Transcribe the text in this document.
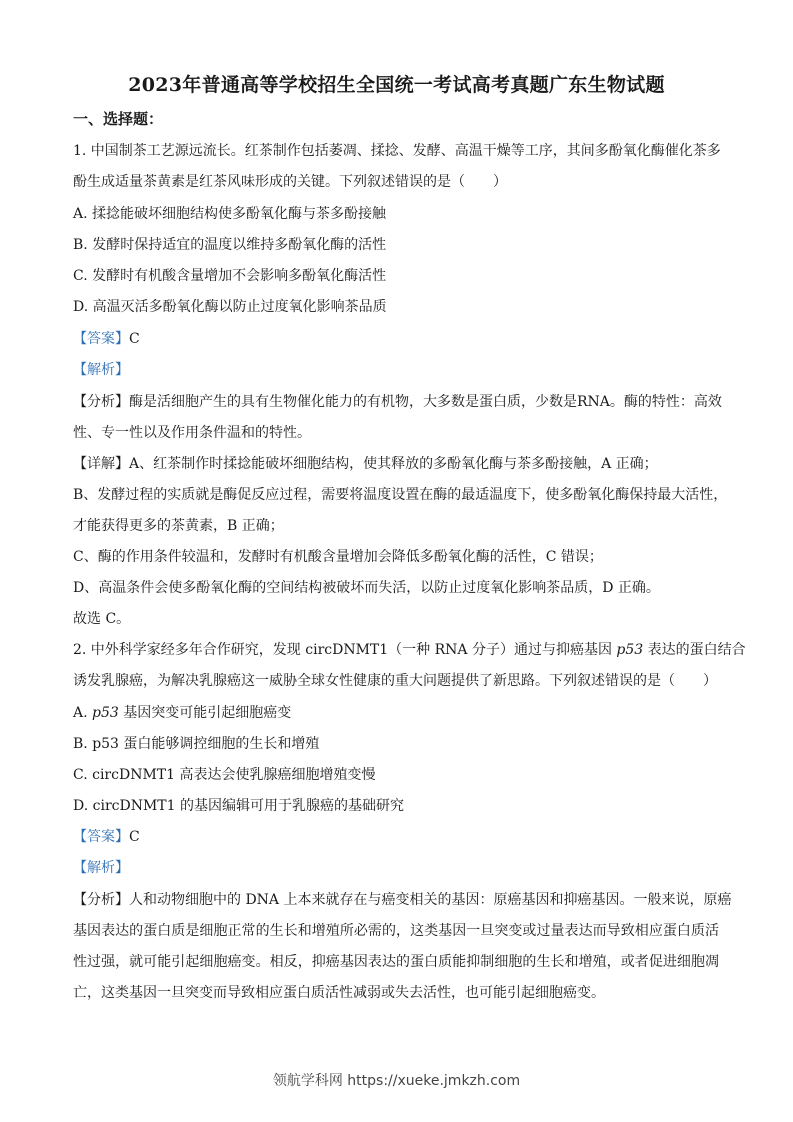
2023年普通高等学校招生全国统一考试高考真题广东生物试题
一、选择题：
1. 中国制茶工艺源远流长。红茶制作包括萎凋、揉捻、发酵、高温干燥等工序，其间多酚氧化酶催化茶多
酚生成适量茶黄素是红茶风味形成的关键。下列叙述错误的是（　　）
A. 揉捻能破坏细胞结构使多酚氧化酶与茶多酚接触
B. 发酵时保持适宜的温度以维持多酚氧化酶的活性
C. 发酵时有机酸含量增加不会影响多酚氧化酶活性
D. 高温灭活多酚氧化酶以防止过度氧化影响茶品质
【答案】C
【解析】
【分析】酶是活细胞产生的具有生物催化能力的有机物，大多数是蛋白质，少数是RNA。酶的特性：高效
性、专一性以及作用条件温和的特性。
【详解】A、红茶制作时揉捻能破坏细胞结构，使其释放的多酚氧化酶与茶多酚接触，A 正确；
B、发酵过程的实质就是酶促反应过程，需要将温度设置在酶的最适温度下，使多酚氧化酶保持最大活性，
才能获得更多的茶黄素，B 正确；
C、酶的作用条件较温和，发酵时有机酸含量增加会降低多酚氧化酶的活性，C 错误；
D、高温条件会使多酚氧化酶的空间结构被破坏而失活，以防止过度氧化影响茶品质，D 正确。
故选 C。
2. 中外科学家经多年合作研究，发现 circDNMT1（一种 RNA 分子）通过与抑癌基因 p53 表达的蛋白结合
诱发乳腺癌，为解决乳腺癌这一威胁全球女性健康的重大问题提供了新思路。下列叙述错误的是（　　）
A. p53 基因突变可能引起细胞癌变
B. p53 蛋白能够调控细胞的生长和增殖
C. circDNMT1 高表达会使乳腺癌细胞增殖变慢
D. circDNMT1 的基因编辑可用于乳腺癌的基础研究
【答案】C
【解析】
【分析】人和动物细胞中的 DNA 上本来就存在与癌变相关的基因：原癌基因和抑癌基因。一般来说，原癌
基因表达的蛋白质是细胞正常的生长和增殖所必需的，这类基因一旦突变或过量表达而导致相应蛋白质活
性过强，就可能引起细胞癌变。相反，抑癌基因表达的蛋白质能抑制细胞的生长和增殖，或者促进细胞凋
亡，这类基因一旦突变而导致相应蛋白质活性减弱或失去活性，也可能引起细胞癌变。
领航学科网 https://xueke.jmkzh.com
